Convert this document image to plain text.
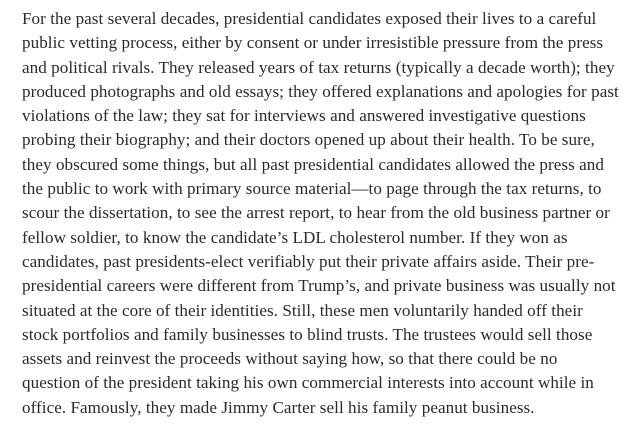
For the past several decades, presidential candidates exposed their lives to a careful
public vetting process, either by consent or under irresistible pressure from the press
and political rivals. They released years of tax returns (typically a decade worth); they
produced photographs and old essays; they offered explanations and apologies for past
violations of the law; they sat for interviews and answered investigative questions
probing their biography; and their doctors opened up about their health. To be sure,
they obscured some things, but all past presidential candidates allowed the press and
the public to work with primary source material—to page through the tax returns, to
scour the dissertation, to see the arrest report, to hear from the old business partner or
fellow soldier, to know the candidate’s LDL cholesterol number. If they won as
candidates, past presidents-elect verifiably put their private affairs aside. Their pre-
presidential careers were different from Trump’s, and private business was usually not
situated at the core of their identities. Still, these men voluntarily handed off their
stock portfolios and family businesses to blind trusts. The trustees would sell those
assets and reinvest the proceeds without saying how, so that there could be no
question of the president taking his own commercial interests into account while in
office. Famously, they made Jimmy Carter sell his family peanut business.
